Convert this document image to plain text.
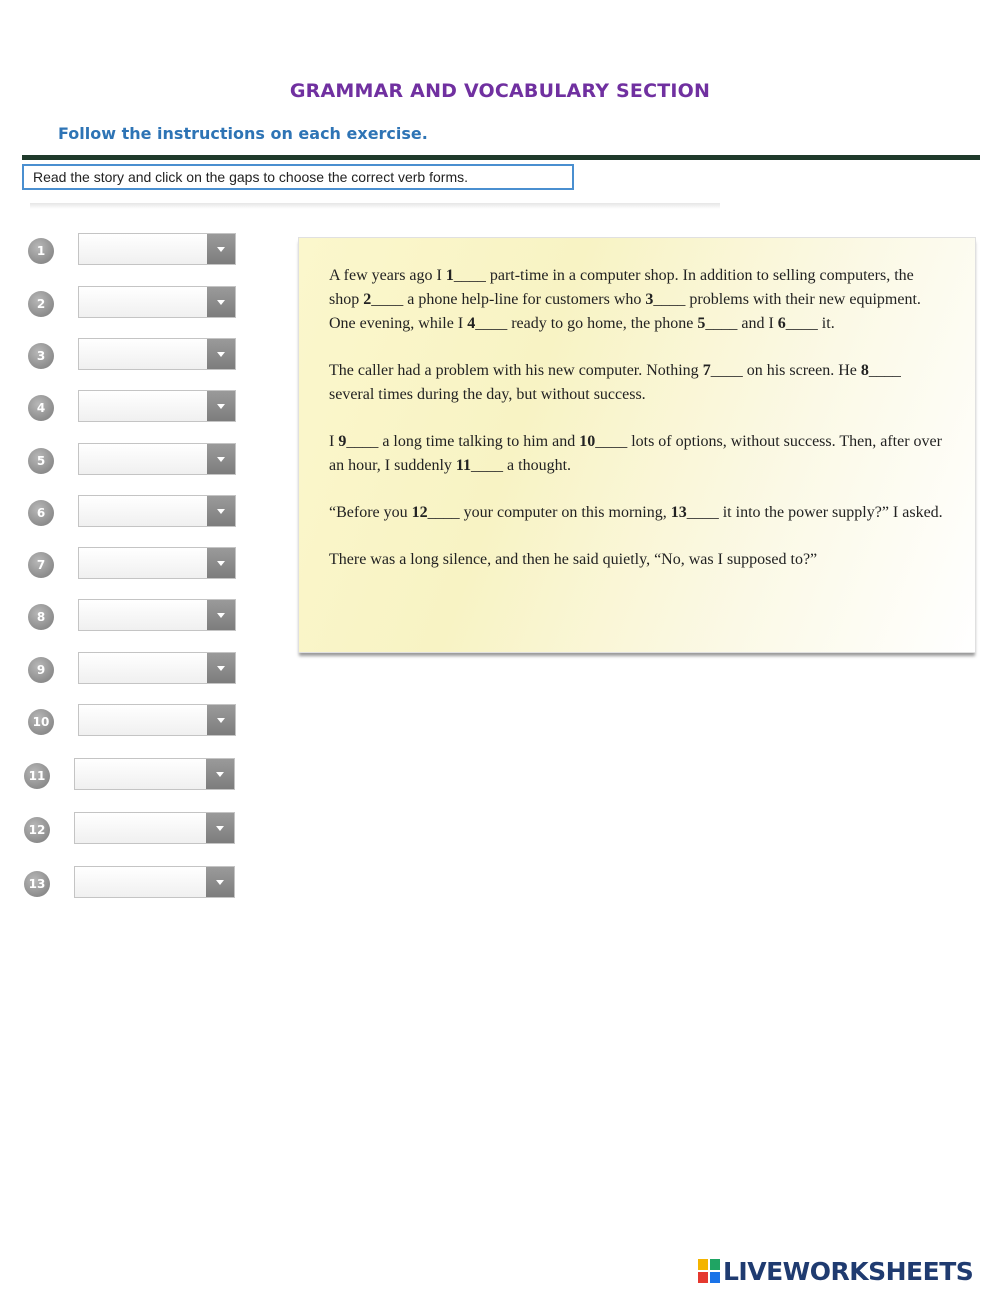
GRAMMAR AND VOCABULARY SECTION
Follow the instructions on each exercise.
Read the story and click on the gaps to choose the correct verb forms.
1
2
3
4
5
6
7
8
9
10
11
12
13

A few years ago I 1____ part-time in a computer shop. In addition to selling computers, the shop 2____ a phone help-line for customers who 3____ problems with their new equipment. One evening, while I 4____ ready to go home, the phone 5____ and I 6____ it.

The caller had a problem with his new computer. Nothing 7____ on his screen. He 8____ several times during the day, but without success.

I 9____ a long time talking to him and 10____ lots of options, without success. Then, after over an hour, I suddenly 11____ a thought.

“Before you 12____ your computer on this morning, 13____ it into the power supply?” I asked.

There was a long silence, and then he said quietly, “No, was I supposed to?”

LIVEWORKSHEETS
